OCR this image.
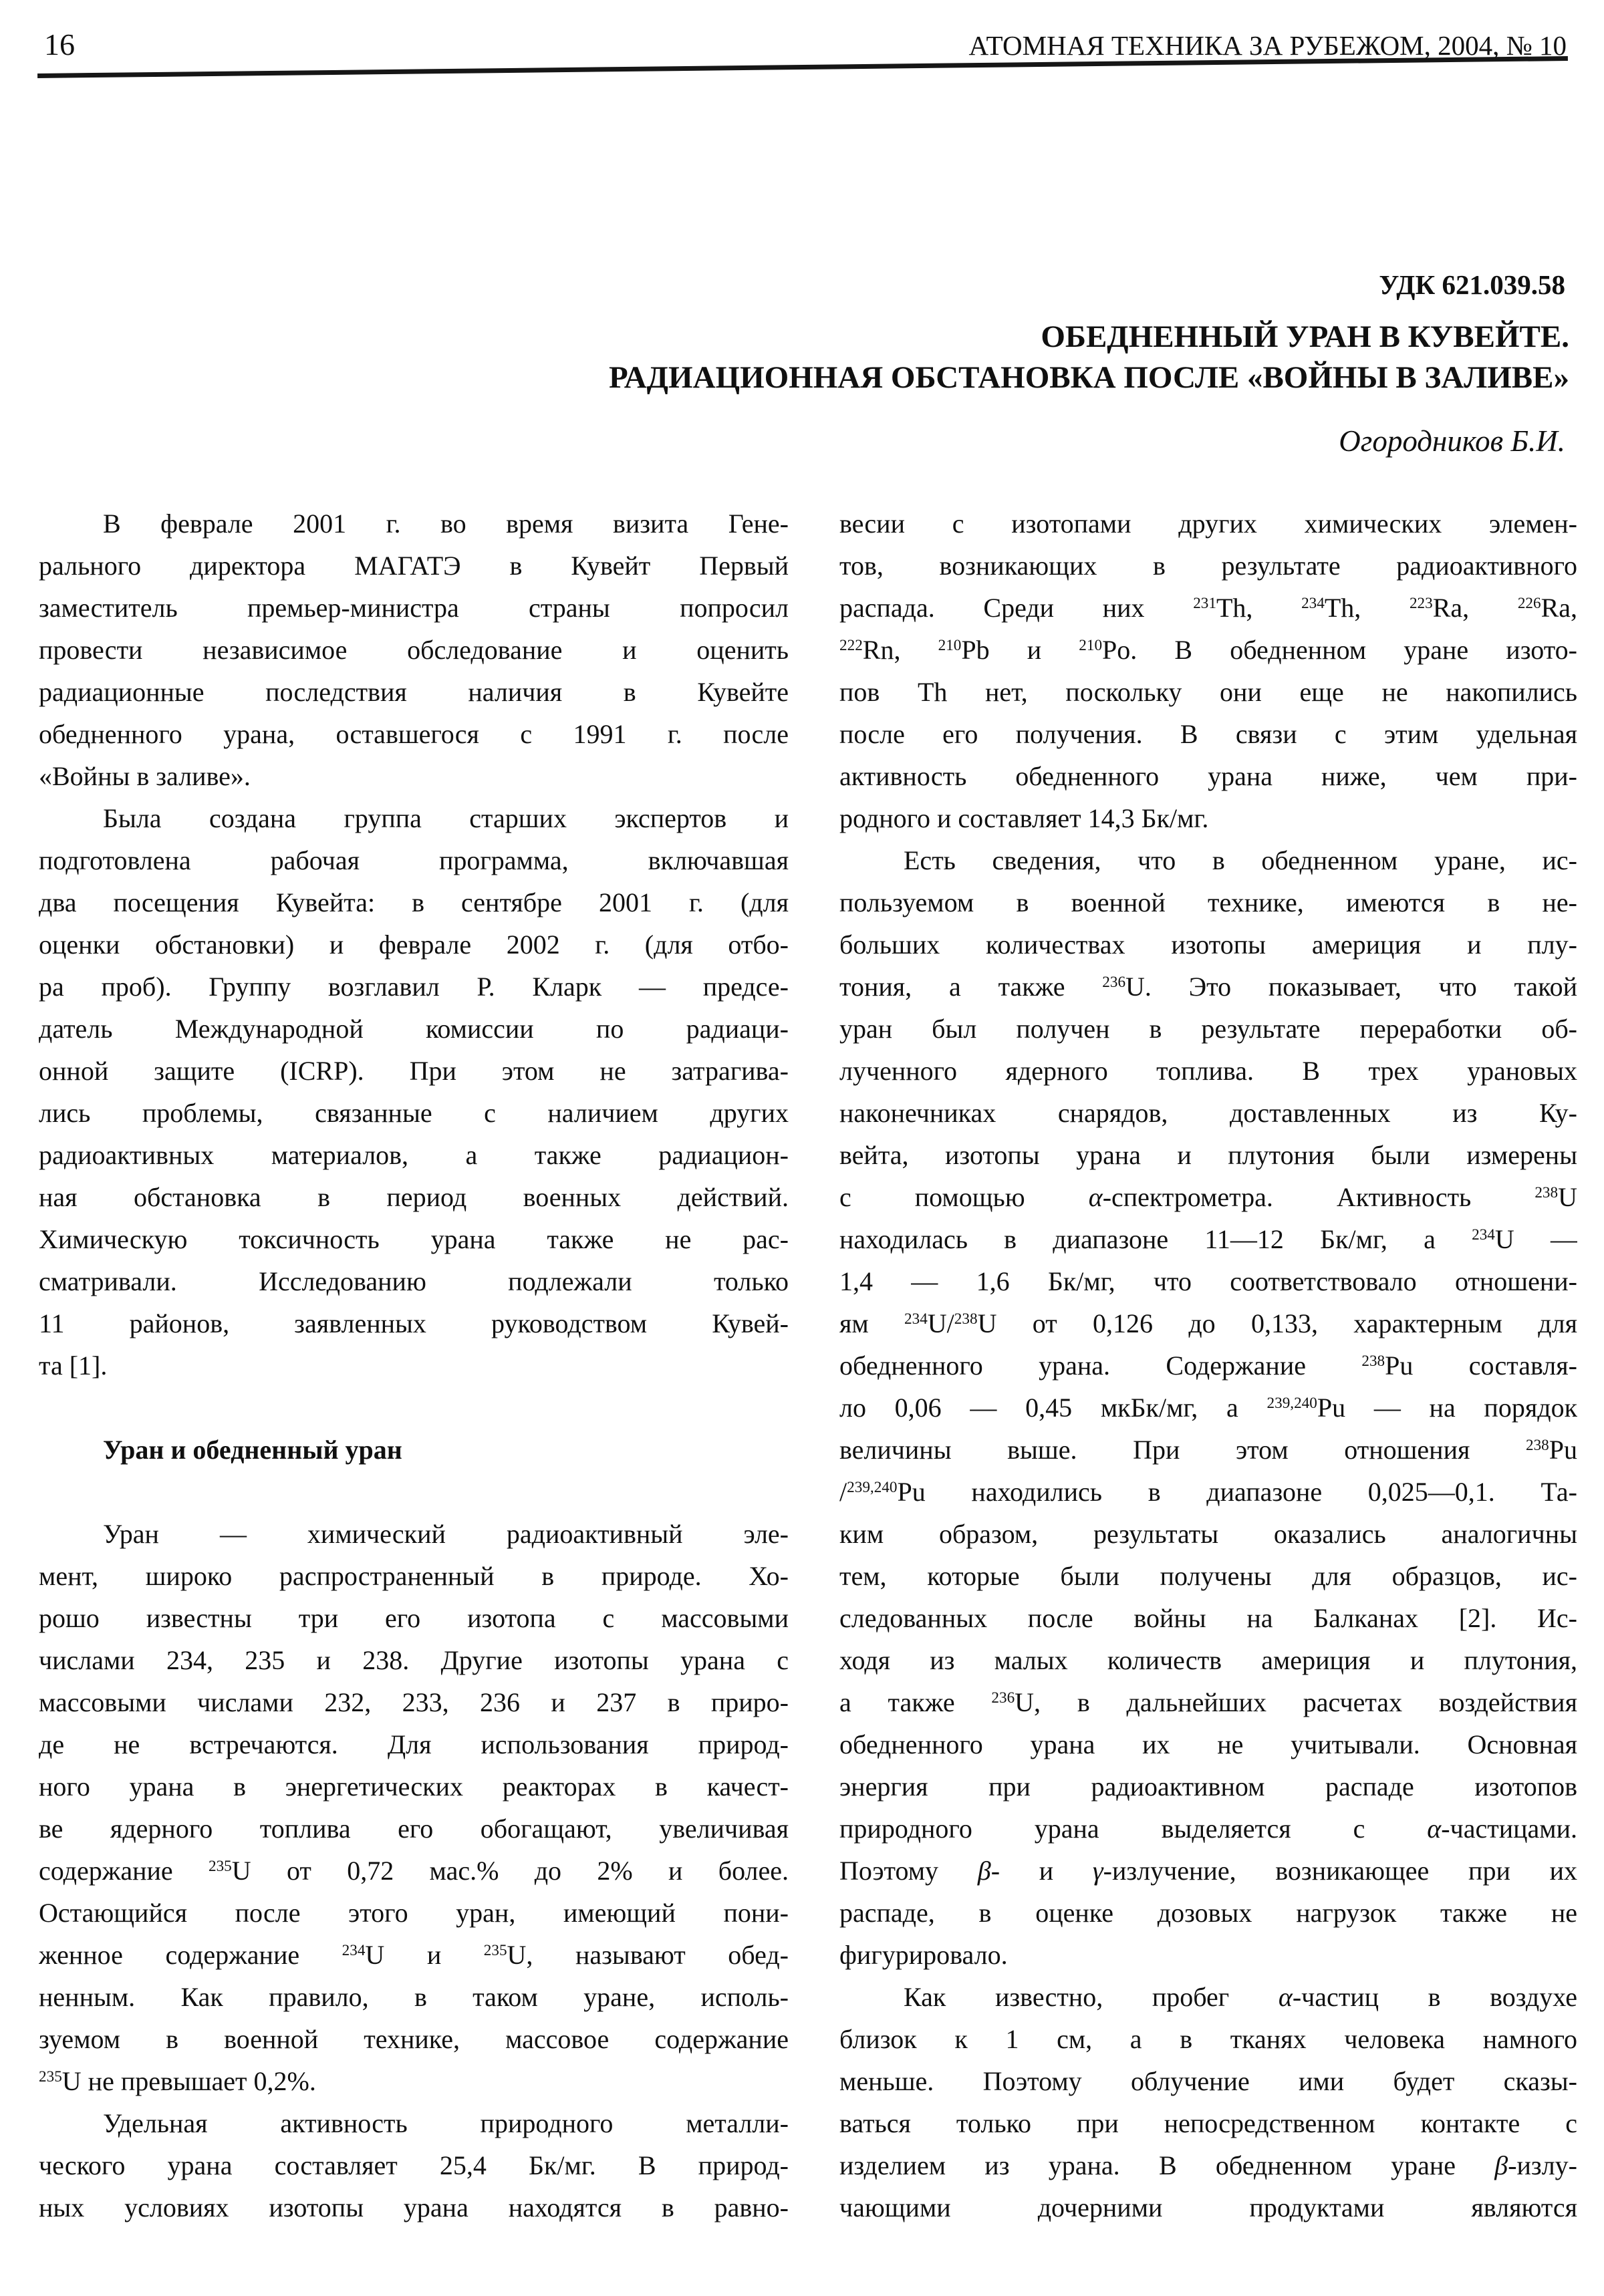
16	АТОМНАЯ ТЕХНИКА ЗА РУБЕЖОМ, 2004, № 10
УДК 621.039.58
ОБЕДНЕННЫЙ УРАН В КУВЕЙТЕ.
РАДИАЦИОННАЯ ОБСТАНОВКА ПОСЛЕ «ВОЙНЫ В ЗАЛИВЕ»
Огородников Б.И.
В феврале 2001 г. во время визита Гене-
рального директора МАГАТЭ в Кувейт Первый
заместитель премьер-министра страны попросил
провести независимое обследование и оценить
радиационные последствия наличия в Кувейте
обедненного урана, оставшегося с 1991 г. после
«Войны в заливе».
Была создана группа старших экспертов и
подготовлена рабочая программа, включавшая
два посещения Кувейта: в сентябре 2001 г. (для
оценки обстановки) и феврале 2002 г. (для отбо-
ра проб). Группу возглавил Р. Кларк — предсе-
датель Международной комиссии по радиаци-
онной защите (ICRP). При этом не затрагива-
лись проблемы, связанные с наличием других
радиоактивных материалов, а также радиацион-
ная обстановка в период военных действий.
Химическую токсичность урана также не рас-
сматривали. Исследованию подлежали только
11 районов, заявленных руководством Кувей-
та [1].
Уран и обедненный уран
Уран — химический радиоактивный эле-
мент, широко распространенный в природе. Хо-
рошо известны три его изотопа с массовыми
числами 234, 235 и 238. Другие изотопы урана с
массовыми числами 232, 233, 236 и 237 в приро-
де не встречаются. Для использования природ-
ного урана в энергетических реакторах в качест-
ве ядерного топлива его обогащают, увеличивая
содержание $^{235}$U от 0,72 мас.% до 2% и более.
Остающийся после этого уран, имеющий пони-
женное содержание $^{234}$U и $^{235}$U, называют обед-
ненным. Как правило, в таком уране, исполь-
зуемом в военной технике, массовое содержание
$^{235}$U не превышает 0,2%.
Удельная активность природного металли-
ческого урана составляет 25,4 Бк/мг. В природ-
ных условиях изотопы урана находятся в равно-
весии с изотопами других химических элемен-
тов, возникающих в результате радиоактивного
распада. Среди них $^{231}$Th, $^{234}$Th, $^{223}$Ra, $^{226}$Ra,
$^{222}$Rn, $^{210}$Pb и $^{210}$Po. В обедненном уране изото-
пов Th нет, поскольку они еще не накопились
после его получения. В связи с этим удельная
активность обедненного урана ниже, чем при-
родного и составляет 14,3 Бк/мг.
Есть сведения, что в обедненном уране, ис-
пользуемом в военной технике, имеются в не-
больших количествах изотопы америция и плу-
тония, а также $^{236}$U. Это показывает, что такой
уран был получен в результате переработки об-
лученного ядерного топлива. В трех урановых
наконечниках снарядов, доставленных из Ку-
вейта, изотопы урана и плутония были измерены
с помощью α-спектрометра. Активность $^{238}$U
находилась в диапазоне 11—12 Бк/мг, а $^{234}$U —
1,4 — 1,6 Бк/мг, что соответствовало отношени-
ям $^{234}$U/$^{238}$U от 0,126 до 0,133, характерным для
обедненного урана. Содержание $^{238}$Pu составля-
ло 0,06 — 0,45 мкБк/мг, а $^{239,240}$Pu — на порядок
величины выше. При этом отношения $^{238}$Pu
/$^{239,240}$Pu находились в диапазоне 0,025—0,1. Та-
ким образом, результаты оказались аналогичны
тем, которые были получены для образцов, ис-
следованных после войны на Балканах [2]. Ис-
ходя из малых количеств америция и плутония,
а также $^{236}$U, в дальнейших расчетах воздействия
обедненного урана их не учитывали. Основная
энергия при радиоактивном распаде изотопов
природного урана выделяется с α-частицами.
Поэтому β- и γ-излучение, возникающее при их
распаде, в оценке дозовых нагрузок также не
фигурировало.
Как известно, пробег α-частиц в воздухе
близок к 1 см, а в тканях человека намного
меньше. Поэтому облучение ими будет сказы-
ваться только при непосредственном контакте с
изделием из урана. В обедненном уране β-излу-
чающими дочерними продуктами являются
